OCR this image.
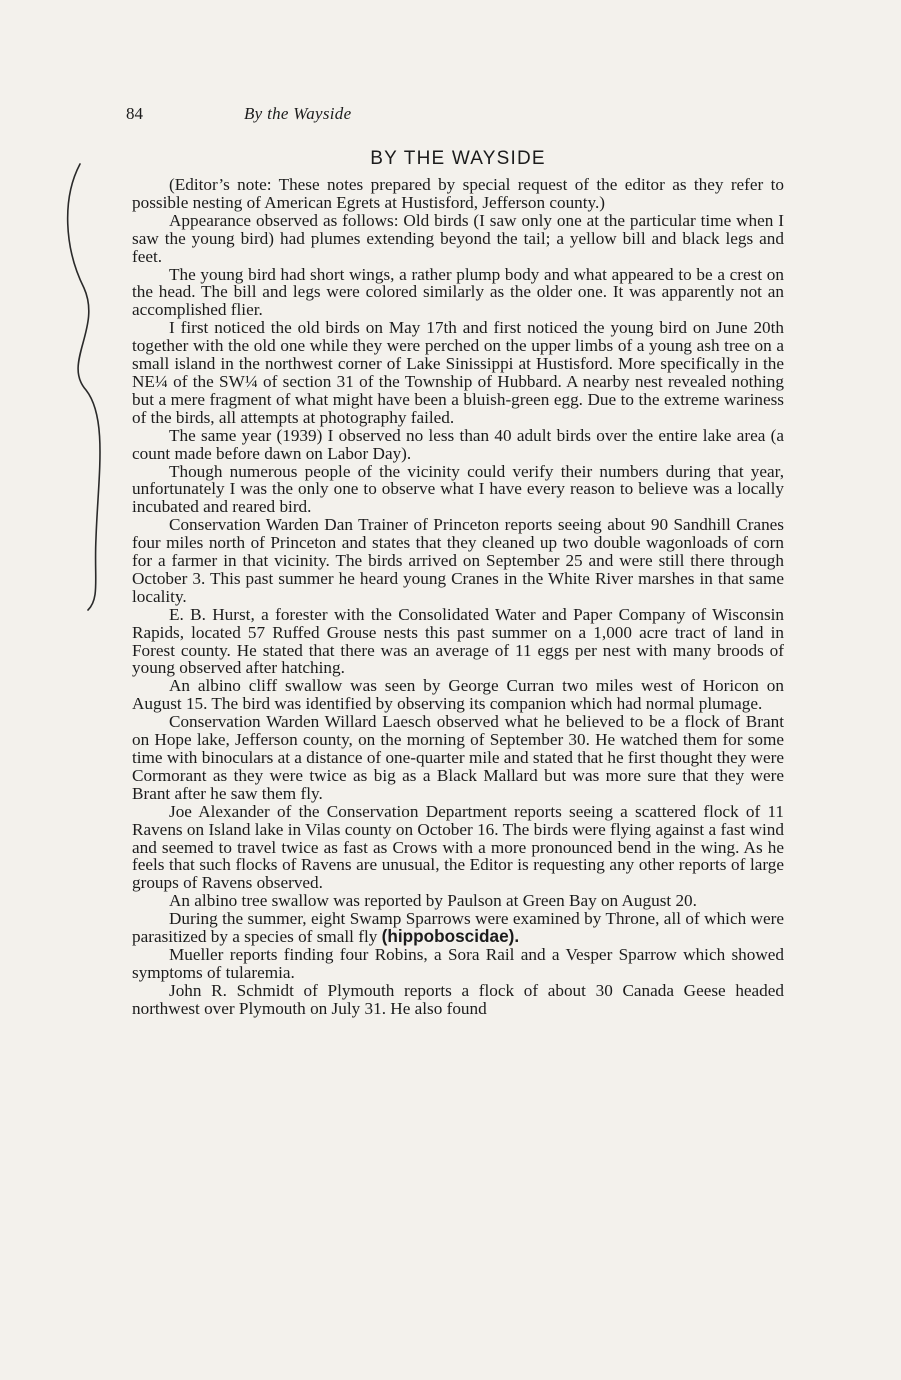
84	By the Wayside
BY THE WAYSIDE

(Editor’s note: These notes prepared by special request of the editor as they refer to possible nesting of American Egrets at Hustisford, Jefferson county.)

Appearance observed as follows: Old birds (I saw only one at the particular time when I saw the young bird) had plumes extending beyond the tail; a yellow bill and black legs and feet.

The young bird had short wings, a rather plump body and what appeared to be a crest on the head. The bill and legs were colored similarly as the older one. It was apparently not an accomplished flier.

I first noticed the old birds on May 17th and first noticed the young bird on June 20th together with the old one while they were perched on the upper limbs of a young ash tree on a small island in the northwest corner of Lake Sinissippi at Hustisford. More specifically in the NE¼ of the SW¼ of section 31 of the Township of Hubbard. A nearby nest revealed nothing but a mere fragment of what might have been a bluish-green egg. Due to the extreme wariness of the birds, all attempts at photography failed.

The same year (1939) I observed no less than 40 adult birds over the entire lake area (a count made before dawn on Labor Day).

Though numerous people of the vicinity could verify their numbers during that year, unfortunately I was the only one to observe what I have every reason to believe was a locally incubated and reared bird.

Conservation Warden Dan Trainer of Princeton reports seeing about 90 Sandhill Cranes four miles north of Princeton and states that they cleaned up two double wagonloads of corn for a farmer in that vicinity. The birds arrived on September 25 and were still there through October 3. This past summer he heard young Cranes in the White River marshes in that same locality.

E. B. Hurst, a forester with the Consolidated Water and Paper Company of Wisconsin Rapids, located 57 Ruffed Grouse nests this past summer on a 1,000 acre tract of land in Forest county. He stated that there was an average of 11 eggs per nest with many broods of young observed after hatching.

An albino cliff swallow was seen by George Curran two miles west of Horicon on August 15. The bird was identified by observing its companion which had normal plumage.

Conservation Warden Willard Laesch observed what he believed to be a flock of Brant on Hope lake, Jefferson county, on the morning of September 30. He watched them for some time with binoculars at a distance of one-quarter mile and stated that he first thought they were Cormorant as they were twice as big as a Black Mallard but was more sure that they were Brant after he saw them fly.

Joe Alexander of the Conservation Department reports seeing a scattered flock of 11 Ravens on Island lake in Vilas county on October 16. The birds were flying against a fast wind and seemed to travel twice as fast as Crows with a more pronounced bend in the wing. As he feels that such flocks of Ravens are unusual, the Editor is requesting any other reports of large groups of Ravens observed.

An albino tree swallow was reported by Paulson at Green Bay on August 20.

During the summer, eight Swamp Sparrows were examined by Throne, all of which were parasitized by a species of small fly (hippoboscidae).

Mueller reports finding four Robins, a Sora Rail and a Vesper Sparrow which showed symptoms of tularemia.

John R. Schmidt of Plymouth reports a flock of about 30 Canada Geese headed northwest over Plymouth on July 31. He also found
